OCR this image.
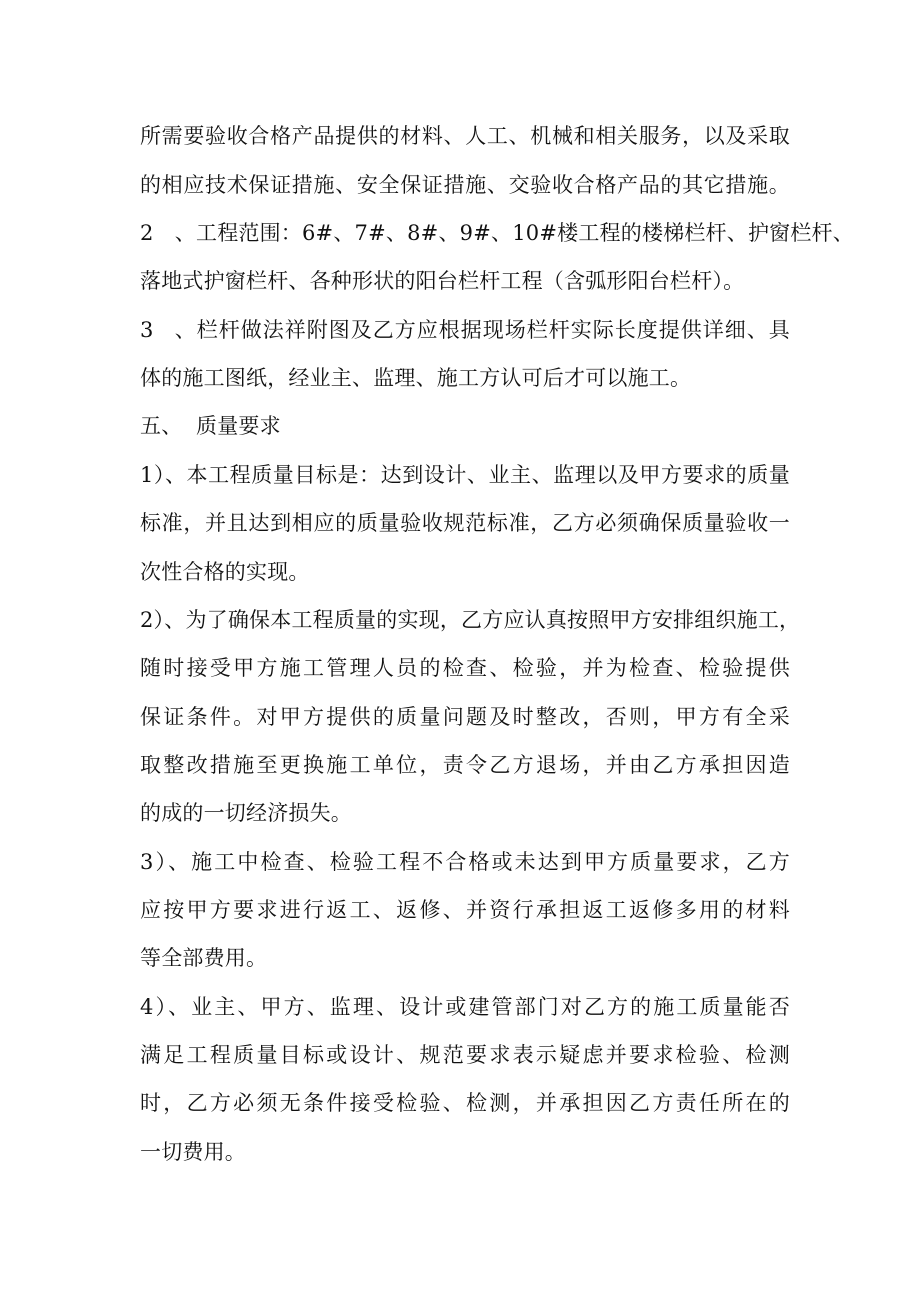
所需要验收合格产品提供的材料、人工、机械和相关服务，以及采取
的相应技术保证措施、安全保证措施、交验收合格产品的其它措施。
2、工程范围：6#、7#、8#、9#、10#楼工程的楼梯栏杆、护窗栏杆、
落地式护窗栏杆、各种形状的阳台栏杆工程（含弧形阳台栏杆）。
3、栏杆做法祥附图及乙方应根据现场栏杆实际长度提供详细、具
体的施工图纸，经业主、监理、施工方认可后才可以施工。
五、 质量要求
1）、本工程质量目标是：达到设计、业主、监理以及甲方要求的质量
标准，并且达到相应的质量验收规范标准，乙方必须确保质量验收一
次性合格的实现。
2）、为了确保本工程质量的实现，乙方应认真按照甲方安排组织施工，
随时接受甲方施工管理人员的检查、检验，并为检查、检验提供
保证条件。对甲方提供的质量问题及时整改，否则，甲方有全采
取整改措施至更换施工单位，责令乙方退场，并由乙方承担因造
的成的一切经济损失。
3）、施工中检查、检验工程不合格或未达到甲方质量要求，乙方
应按甲方要求进行返工、返修、并资行承担返工返修多用的材料
等全部费用。
4）、业主、甲方、监理、设计或建管部门对乙方的施工质量能否
满足工程质量目标或设计、规范要求表示疑虑并要求检验、检测
时，乙方必须无条件接受检验、检测，并承担因乙方责任所在的
一切费用。
